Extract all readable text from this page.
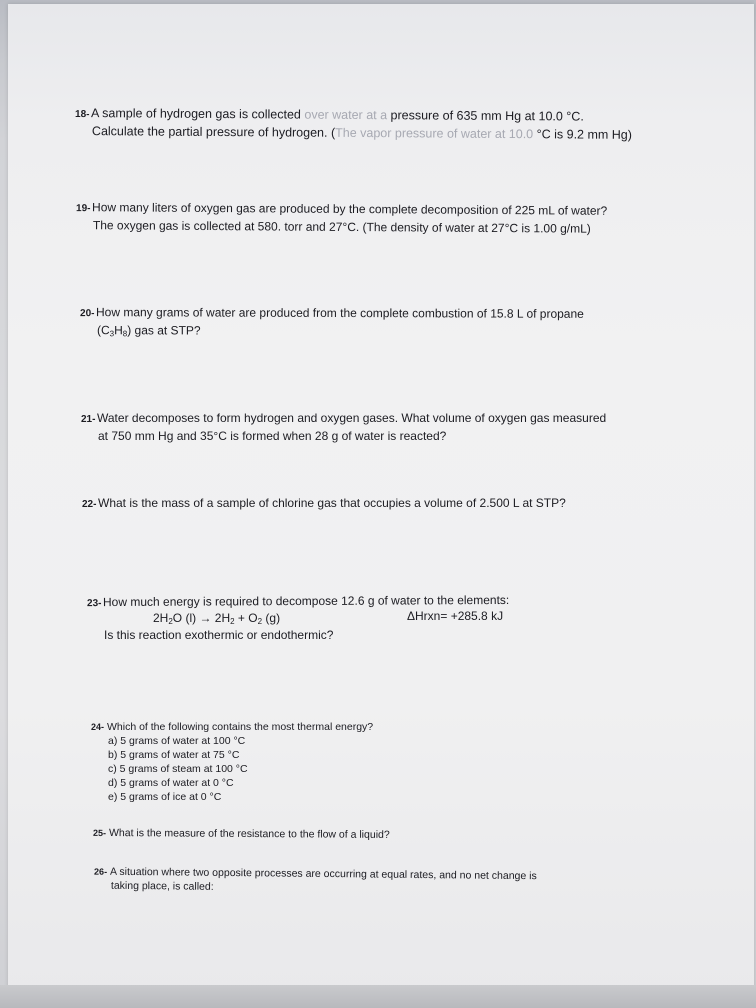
18-A sample of hydrogen gas is collected over water at a pressure of 635 mm Hg at 10.0 °C.
Calculate the partial pressure of hydrogen. (The vapor pressure of water at 10.0 °C is 9.2 mm Hg)
19-How many liters of oxygen gas are produced by the complete decomposition of 225 mL of water?
The oxygen gas is collected at 580. torr and 27°C. (The density of water at 27°C is 1.00 g/mL)
20- How many grams of water are produced from the complete combustion of 15.8 L of propane
$(C_3H_8)$ gas at STP?
21- Water decomposes to form hydrogen and oxygen gases. What volume of oxygen gas measured
at 750 mm Hg and 35°C is formed when 28 g of water is reacted?
22- What is the mass of a sample of chlorine gas that occupies a volume of 2.500 L at STP?
23-How much energy is required to decompose 12.6 g of water to the elements:
$2H_2O$ $(l) \to 2H_2 + O_2$ (g)	ΔHrxn= +285.8 kJ
Is this reaction exothermic or endothermic?
24- Which of the following contains the most thermal energy?
a) 5 grams of water at 100 °C
b) 5 grams of water at 75 °C
c) 5 grams of steam at 100 °C
d) 5 grams of water at 0 °C
e) 5 grams of ice at 0 °C
25- What is the measure of the resistance to the flow of a liquid?
26- A situation where two opposite processes are occurring at equal rates, and no net change is
taking place, is called:
